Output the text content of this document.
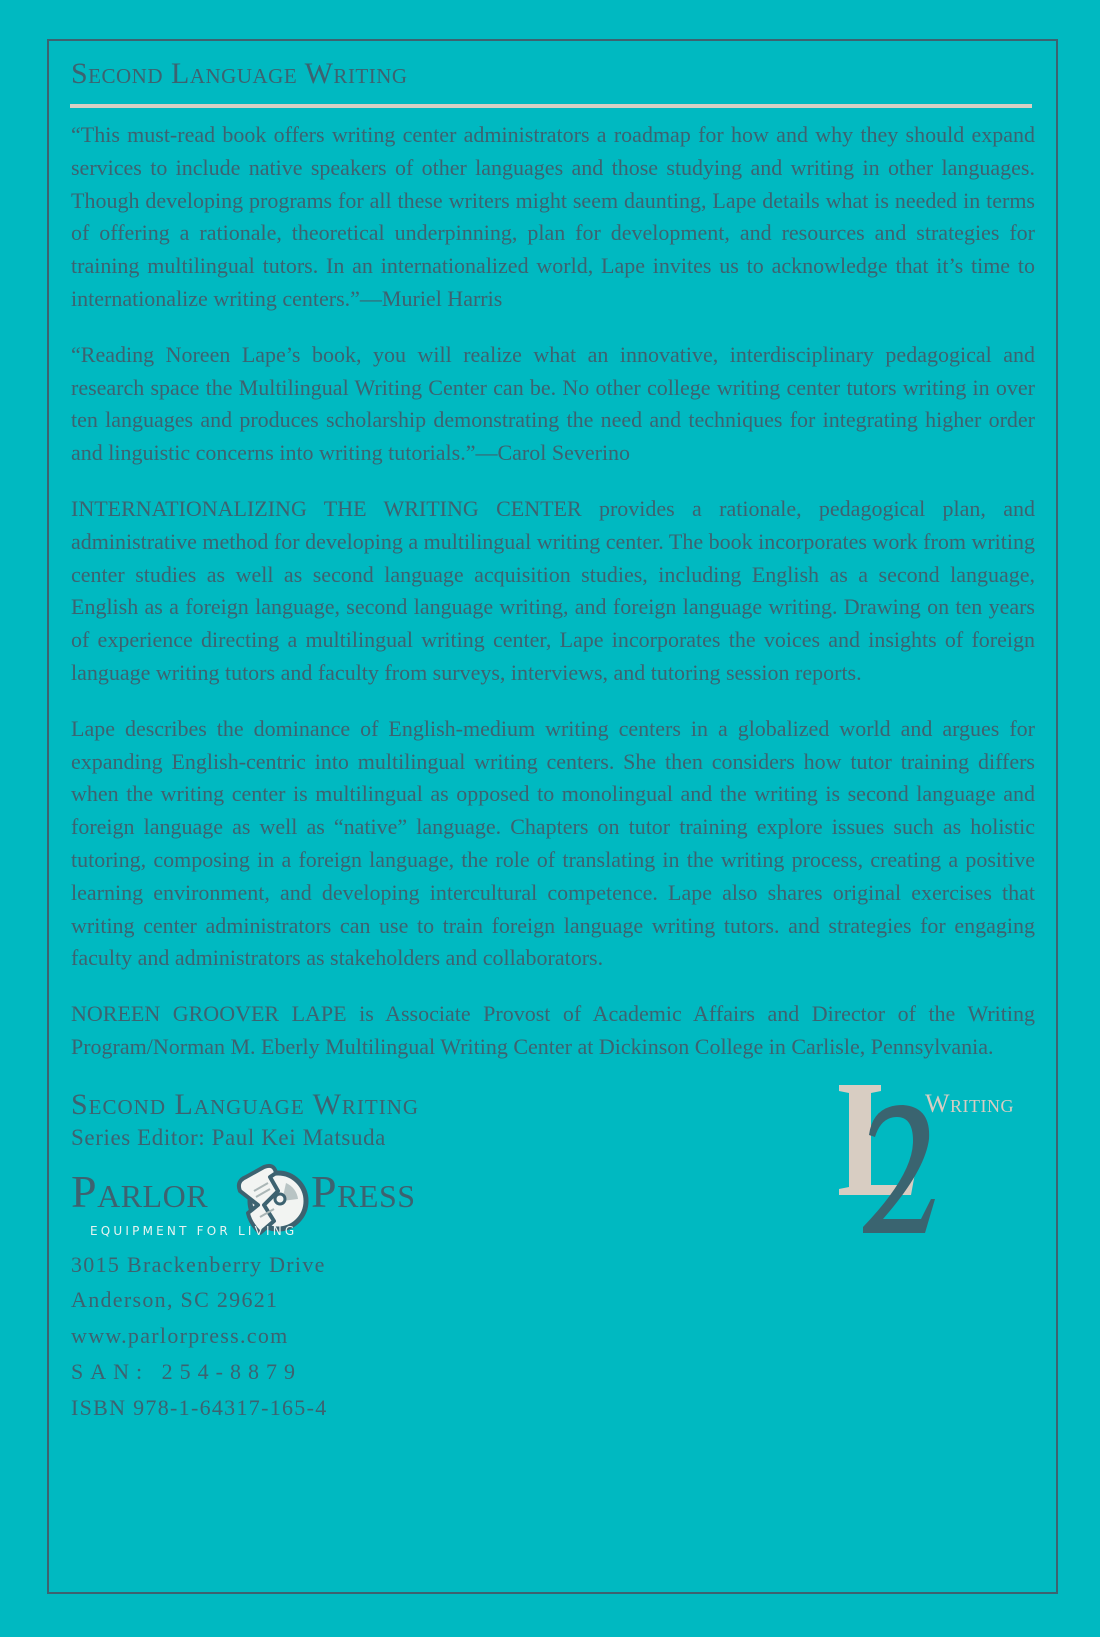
Second Language Writing

“This must-read book offers writing center administrators a roadmap for how and why they should expand services to include native speakers of other languages and those studying and writing in other languages. Though developing programs for all these writers might seem daunting, Lape details what is needed in terms of offering a rationale, theoretical underpinning, plan for development, and resources and strategies for training multilingual tutors. In an internationalized world, Lape invites us to acknowledge that it’s time to internationalize writing centers.”—Muriel Harris

“Reading Noreen Lape’s book, you will realize what an innovative, interdisciplinary pedagogical and research space the Multilingual Writing Center can be. No other college writing center tutors writing in over ten languages and produces scholarship demonstrating the need and techniques for integrating higher order and linguistic concerns into writing tutorials.”—Carol Severino

INTERNATIONALIZING THE WRITING CENTER provides a rationale, pedagogical plan, and administrative method for developing a multilingual writing center. The book incorporates work from writing center studies as well as second language acquisition studies, including English as a second language, English as a foreign language, second language writing, and foreign language writing. Drawing on ten years of experience directing a multilingual writing center, Lape incorporates the voices and insights of foreign language writing tutors and faculty from surveys, interviews, and tutoring session reports.

Lape describes the dominance of English-medium writing centers in a globalized world and argues for expanding English-centric into multilingual writing centers. She then considers how tutor training differs when the writing center is multilingual as opposed to monolingual and the writing is second language and foreign language as well as “native” language. Chapters on tutor training explore issues such as holistic tutoring, composing in a foreign language, the role of translating in the writing process, creating a positive learning environment, and developing intercultural competence. Lape also shares original exercises that writing center administrators can use to train foreign language writing tutors. and strategies for engaging faculty and administrators as stakeholders and collaborators.

NOREEN GROOVER LAPE is Associate Provost of Academic Affairs and Director of the Writing Program/Norman M. Eberly Multilingual Writing Center at Dickinson College in Carlisle, Pennsylvania.

Second Language Writing
Series Editor: Paul Kei Matsuda
Parlor Press
EQUIPMENT FOR LIVING
3015 Brackenberry Drive
Anderson, SC 29621
www.parlorpress.com
SAN: 254-8879
ISBN 978-1-64317-165-4
Writing
